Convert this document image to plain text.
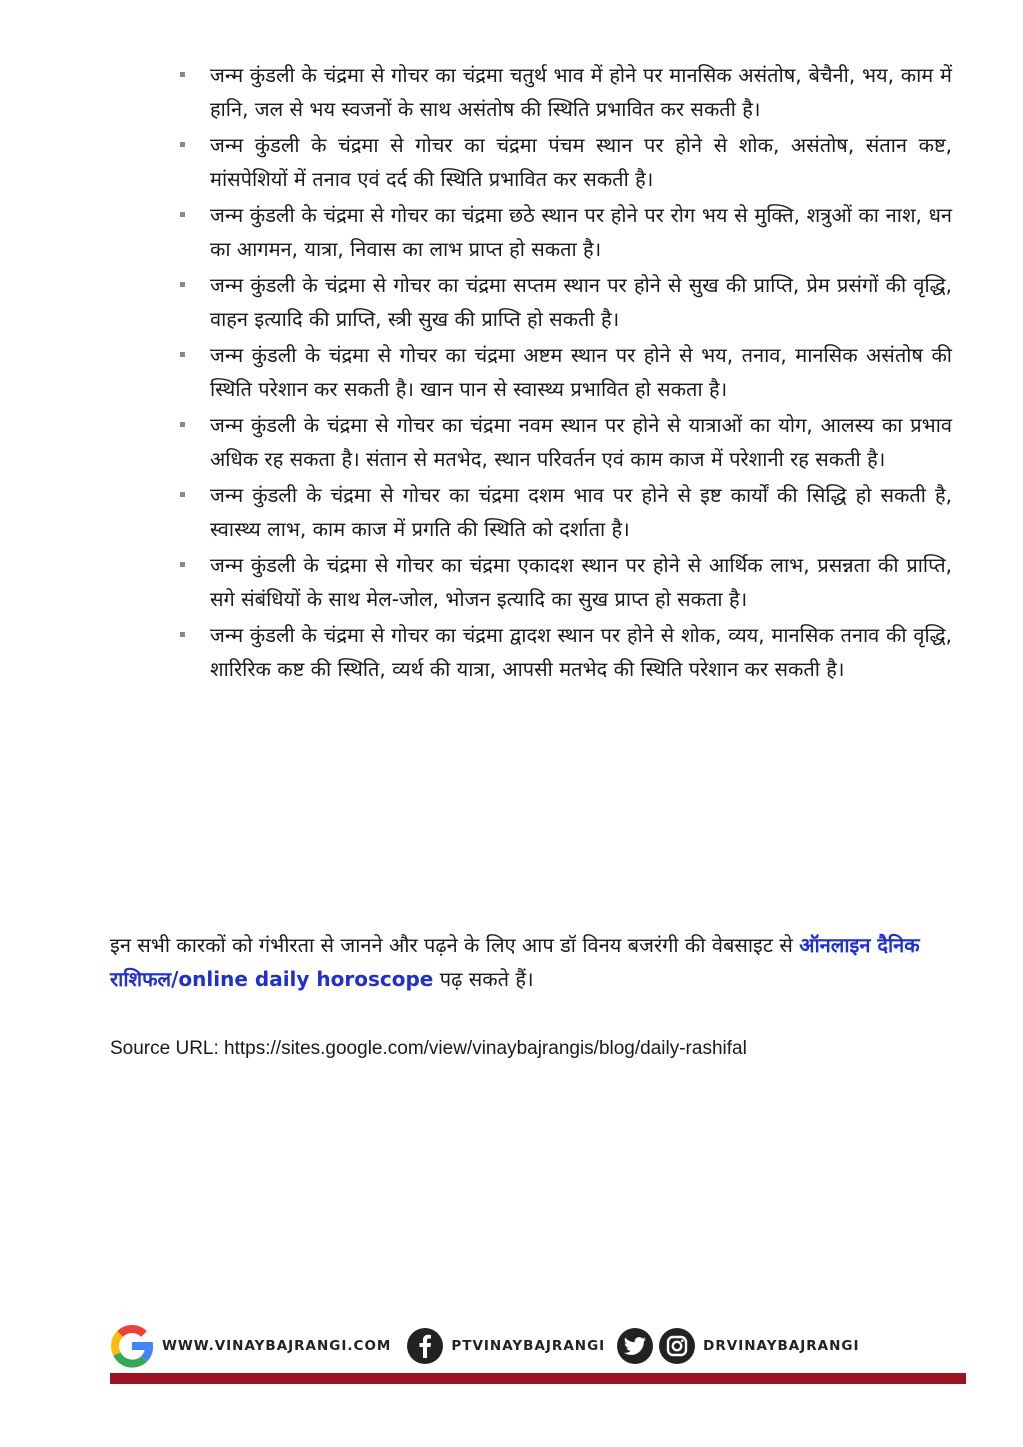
जन्म कुंडली के चंद्रमा से गोचर का चंद्रमा चतुर्थ भाव में होने पर मानसिक असंतोष, बेचैनी, भय, काम में हानि, जल से भय स्वजनों के साथ असंतोष की स्थिति प्रभावित कर सकती है।
जन्म कुंडली के चंद्रमा से गोचर का चंद्रमा पंचम स्थान पर होने से शोक, असंतोष, संतान कष्ट, मांसपेशियों में तनाव एवं दर्द की स्थिति प्रभावित कर सकती है।
जन्म कुंडली के चंद्रमा से गोचर का चंद्रमा छठे स्थान पर होने पर रोग भय से मुक्ति, शत्रुओं का नाश, धन का आगमन, यात्रा, निवास का लाभ प्राप्त हो सकता है।
जन्म कुंडली के चंद्रमा से गोचर का चंद्रमा सप्तम स्थान पर होने से सुख की प्राप्ति, प्रेम प्रसंगों की वृद्धि, वाहन इत्यादि की प्राप्ति, स्त्री सुख की प्राप्ति हो सकती है।
जन्म कुंडली के चंद्रमा से गोचर का चंद्रमा अष्टम स्थान पर होने से भय, तनाव, मानसिक असंतोष की स्थिति परेशान कर सकती है। खान पान से स्वास्थ्य प्रभावित हो सकता है।
जन्म कुंडली के चंद्रमा से गोचर का चंद्रमा नवम स्थान पर होने से यात्राओं का योग, आलस्य का प्रभाव अधिक रह सकता है। संतान से मतभेद, स्थान परिवर्तन एवं काम काज में परेशानी रह सकती है।
जन्म कुंडली के चंद्रमा से गोचर का चंद्रमा दशम भाव पर होने से इष्ट कार्यों की सिद्धि हो सकती है, स्वास्थ्य लाभ, काम काज में प्रगति की स्थिति को दर्शाता है।
जन्म कुंडली के चंद्रमा से गोचर का चंद्रमा एकादश स्थान पर होने से आर्थिक लाभ, प्रसन्नता की प्राप्ति, सगे संबंधियों के साथ मेल-जोल, भोजन इत्यादि का सुख प्राप्त हो सकता है।
जन्म कुंडली के चंद्रमा से गोचर का चंद्रमा द्वादश स्थान पर होने से शोक, व्यय, मानसिक तनाव की वृद्धि, शारिरिक कष्ट की स्थिति, व्यर्थ की यात्रा, आपसी मतभेद की स्थिति परेशान कर सकती है।

इन सभी कारकों को गंभीरता से जानने और पढ़ने के लिए आप डॉ विनय बजरंगी की वेबसाइट से ऑनलाइन दैनिक राशिफल/online daily horoscope पढ़ सकते हैं।

Source URL: https://sites.google.com/view/vinaybajrangis/blog/daily-rashifal
WWW.VINAYBAJRANGI.COM	PTVINAYBAJRANGI	DRVINAYBAJRANGI
